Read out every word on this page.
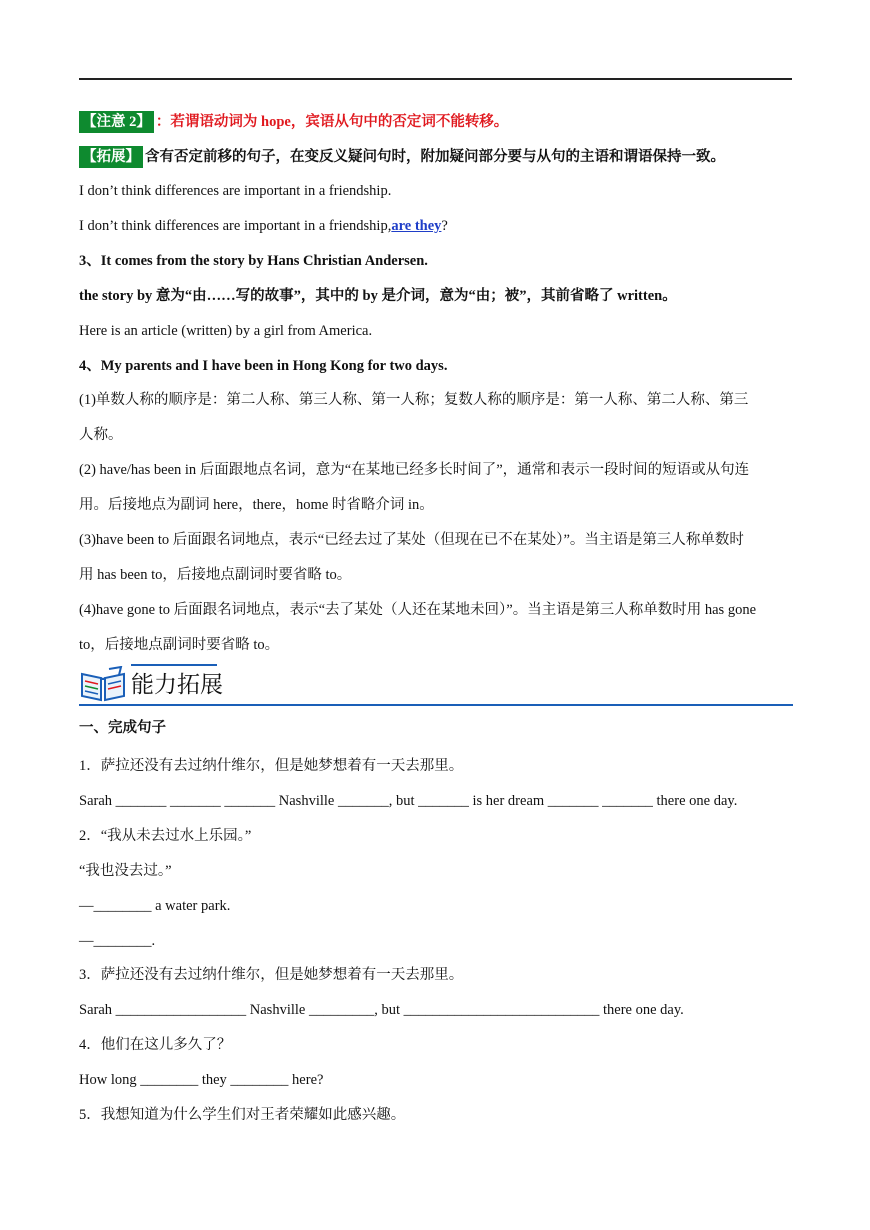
【注意 2】 ：若谓语动词为 hope，宾语从句中的否定词不能转移。
【拓展】 含有否定前移的句子，在变反义疑问句时，附加疑问部分要与从句的主语和谓语保持一致。
I don’t think differences are important in a friendship.
I don’t think differences are important in a friendship,are they?
3、It comes from the story by Hans Christian Andersen.
the story by 意为“由……写的故事”，其中的 by 是介词，意为“由；被”，其前省略了 written。
Here is an article (written) by a girl from America.
4、My parents and I have been in Hong Kong for two days.
(1)单数人称的顺序是：第二人称、第三人称、第一人称；复数人称的顺序是：第一人称、第二人称、第三
人称。
(2) have/has been in 后面跟地点名词，意为“在某地已经多长时间了”，通常和表示一段时间的短语或从句连
用。后接地点为副词 here，there，home 时省略介词 in。
(3)have been to 后面跟名词地点，表示“已经去过了某处（但现在已不在某处）”。当主语是第三人称单数时
用 has been to，后接地点副词时要省略 to。
(4)have gone to 后面跟名词地点，表示“去了某处（人还在某地未回）”。当主语是第三人称单数时用 has gone
to，后接地点副词时要省略 to。
能力拓展
一、完成句子
1．萨拉还没有去过纳什维尔，但是她梦想着有一天去那里。
Sarah _______ _______ _______ Nashville _______, but _______ is her dream _______ _______ there one day.
2．“我从未去过水上乐园。”
“我也没去过。”
—________ a water park.
—________.
3．萨拉还没有去过纳什维尔，但是她梦想着有一天去那里。
Sarah __________________ Nashville _________, but ___________________________ there one day.
4．他们在这儿多久了？
How long ________ they ________ here?
5．我想知道为什么学生们对王者荣耀如此感兴趣。
